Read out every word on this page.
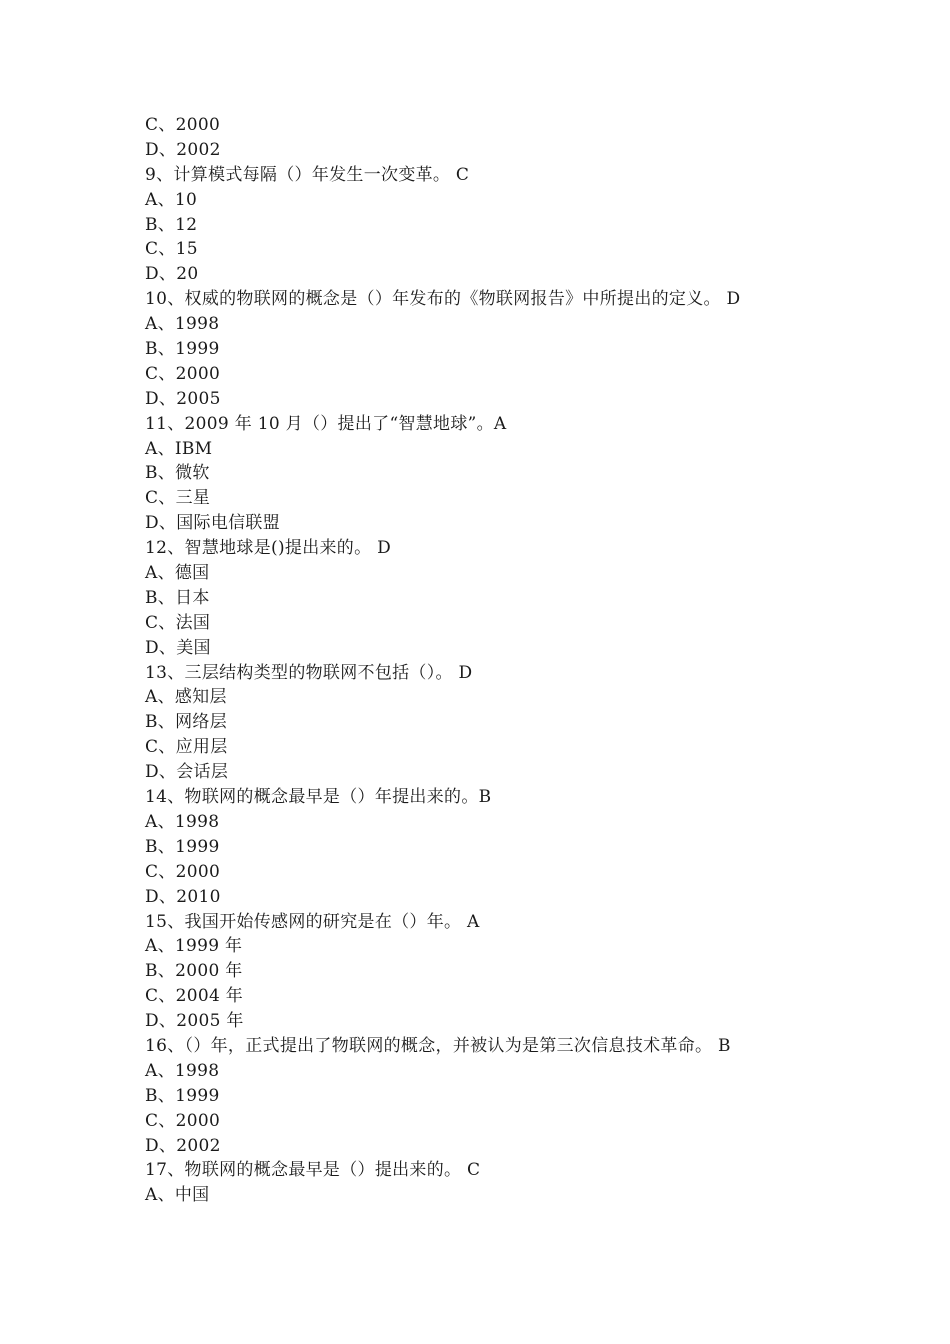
C、2000
D、2002
9、计算模式每隔（）年发生一次变革。 C
A、10
B、12
C、15
D、20
10、权威的物联网的概念是（）年发布的《物联网报告》中所提出的定义。 D
A、1998
B、1999
C、2000
D、2005
11、2009 年 10 月（）提出了“智慧地球”。A
A、IBM
B、微软
C、三星
D、国际电信联盟
12、智慧地球是()提出来的。 D
A、德国
B、日本
C、法国
D、美国
13、三层结构类型的物联网不包括（）。 D
A、感知层
B、网络层
C、应用层
D、会话层
14、物联网的概念最早是（）年提出来的。B
A、1998
B、1999
C、2000
D、2010
15、我国开始传感网的研究是在（）年。 A
A、1999 年
B、2000 年
C、2004 年
D、2005 年
16、（）年，正式提出了物联网的概念，并被认为是第三次信息技术革命。 B
A、1998
B、1999
C、2000
D、2002
17、物联网的概念最早是（）提出来的。 C
A、中国
